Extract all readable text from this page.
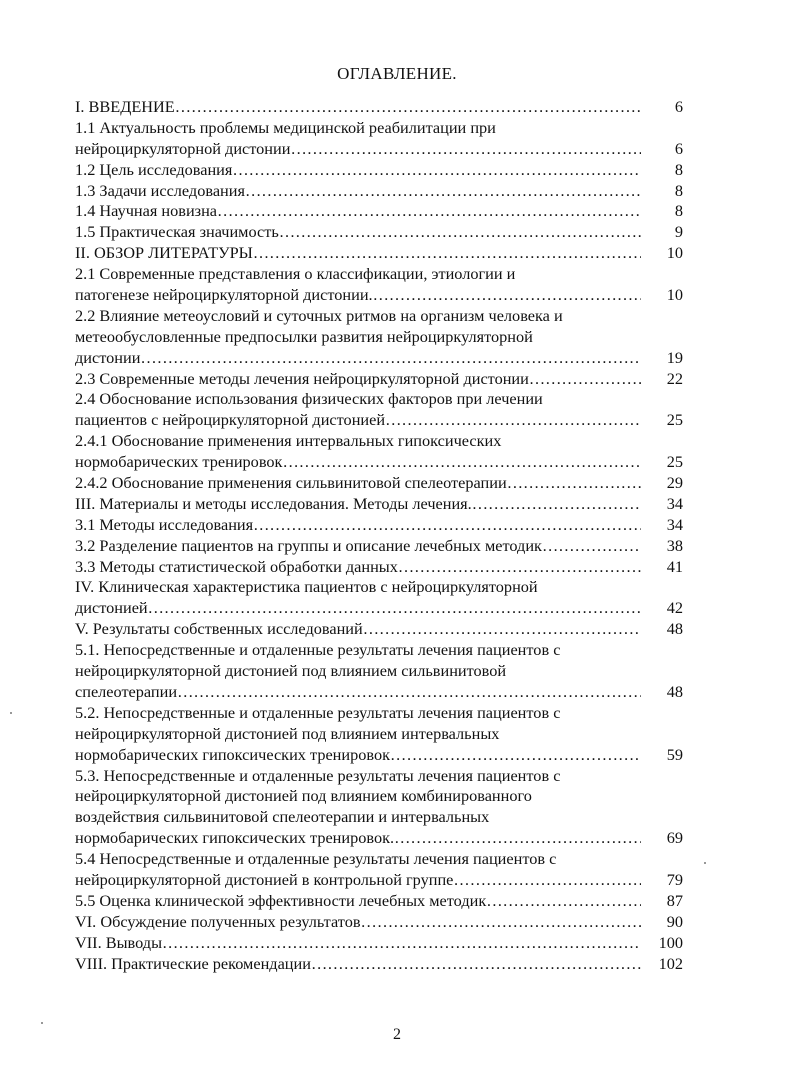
ОГЛАВЛЕНИЕ.
I. ВВЕДЕНИЕ ……………………………………………………………………………………………………………………………………………………………………………………………………………………………………………………………………………	6
1.1 Актуальность проблемы медицинской реабилитации при
нейроциркуляторной дистонии ……………………………………………………………………………………………………………………………………………………………………………………………………………………………………………………………………………	6
1.2 Цель исследования ……………………………………………………………………………………………………………………………………………………………………………………………………………………………………………………………………………	8
1.3 Задачи исследования ……………………………………………………………………………………………………………………………………………………………………………………………………………………………………………………………………………	8
1.4 Научная новизна ……………………………………………………………………………………………………………………………………………………………………………………………………………………………………………………………………………	8
1.5 Практическая значимость ……………………………………………………………………………………………………………………………………………………………………………………………………………………………………………………………………………	9
II. ОБЗОР ЛИТЕРАТУРЫ ……………………………………………………………………………………………………………………………………………………………………………………………………………………………………………………………………………	10
2.1 Современные представления о классификации, этиологии и
патогенезе нейроциркуляторной дистонии. ……………………………………………………………………………………………………………………………………………………………………………………………………………………………………………………………………………	10
2.2 Влияние метеоусловий и суточных ритмов на организм человека и
метеообусловленные предпосылки развития нейроциркуляторной
дистонии ……………………………………………………………………………………………………………………………………………………………………………………………………………………………………………………………………………	19
2.3 Современные методы лечения нейроциркуляторной дистонии ……………………………………………………………………………………………………………………………………………………………………………………………………………………………………………………………………………	22
2.4 Обоснование использования физических факторов при лечении
пациентов с нейроциркуляторной дистонией ……………………………………………………………………………………………………………………………………………………………………………………………………………………………………………………………………………	25
2.4.1 Обоснование применения интервальных гипоксических
нормобарических тренировок ……………………………………………………………………………………………………………………………………………………………………………………………………………………………………………………………………………	25
2.4.2 Обоснование применения сильвинитовой спелеотерапии ……………………………………………………………………………………………………………………………………………………………………………………………………………………………………………………………………………	29
III. Материалы и методы исследования. Методы лечения. ……………………………………………………………………………………………………………………………………………………………………………………………………………………………………………………………………………	34
3.1 Методы исследования ……………………………………………………………………………………………………………………………………………………………………………………………………………………………………………………………………………	34
3.2 Разделение пациентов на группы и описание лечебных методик ……………………………………………………………………………………………………………………………………………………………………………………………………………………………………………………………………………	38
3.3 Методы статистической обработки данных ……………………………………………………………………………………………………………………………………………………………………………………………………………………………………………………………………………	41
IV. Клиническая характеристика пациентов с нейроциркуляторной
дистонией ……………………………………………………………………………………………………………………………………………………………………………………………………………………………………………………………………………	42
V. Результаты собственных исследований ……………………………………………………………………………………………………………………………………………………………………………………………………………………………………………………………………………	48
5.1. Непосредственные и отдаленные результаты лечения пациентов с
нейроциркуляторной дистонией под влиянием сильвинитовой
спелеотерапии ……………………………………………………………………………………………………………………………………………………………………………………………………………………………………………………………………………	48
5.2. Непосредственные и отдаленные результаты лечения пациентов с
нейроциркуляторной дистонией под влиянием интервальных
нормобарических гипоксических тренировок ……………………………………………………………………………………………………………………………………………………………………………………………………………………………………………………………………………	59
5.3. Непосредственные и отдаленные результаты лечения пациентов с
нейроциркуляторной дистонией под влиянием комбинированного
воздействия сильвинитовой спелеотерапии и интервальных
нормобарических гипоксических тренировок. ……………………………………………………………………………………………………………………………………………………………………………………………………………………………………………………………………………	69
5.4 Непосредственные и отдаленные результаты лечения пациентов с
нейроциркуляторной дистонией в контрольной группе ……………………………………………………………………………………………………………………………………………………………………………………………………………………………………………………………………………	79
5.5 Оценка клинической эффективности лечебных методик ……………………………………………………………………………………………………………………………………………………………………………………………………………………………………………………………………………	87
VI. Обсуждение полученных результатов ……………………………………………………………………………………………………………………………………………………………………………………………………………………………………………………………………………	90
VII. Выводы ……………………………………………………………………………………………………………………………………………………………………………………………………………………………………………………………………………	100
VIII. Практические рекомендации ……………………………………………………………………………………………………………………………………………………………………………………………………………………………………………………………………………	102
2
